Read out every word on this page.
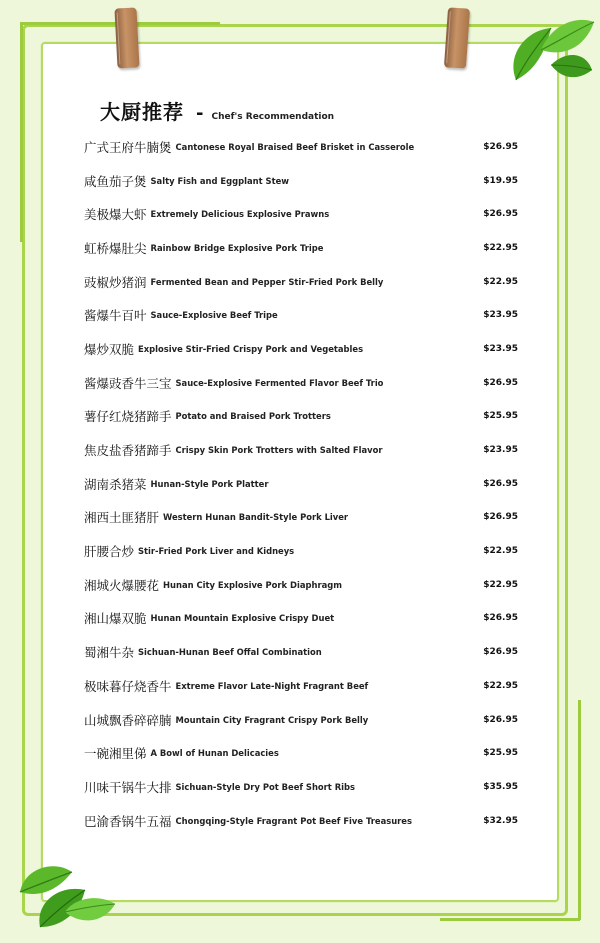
大厨推荐 - Chef's Recommendation
广式王府牛腩煲 Cantonese Royal Braised Beef Brisket in Casserole	$26.95
咸鱼茄子煲 Salty Fish and Eggplant Stew	$19.95
美极爆大虾 Extremely Delicious Explosive Prawns	$26.95
虹桥爆肚尖 Rainbow Bridge Explosive Pork Tripe	$22.95
豉椒炒猪润 Fermented Bean and Pepper Stir-Fried Pork Belly	$22.95
酱爆牛百叶 Sauce-Explosive Beef Tripe	$23.95
爆炒双脆 Explosive Stir-Fried Crispy Pork and Vegetables	$23.95
酱爆豉香牛三宝 Sauce-Explosive Fermented Flavor Beef Trio	$26.95
薯仔红烧猪蹄手 Potato and Braised Pork Trotters	$25.95
焦皮盐香猪蹄手 Crispy Skin Pork Trotters with Salted Flavor	$23.95
湖南杀猪菜 Hunan-Style Pork Platter	$26.95
湘西土匪猪肝 Western Hunan Bandit-Style Pork Liver	$26.95
肝腰合炒 Stir-Fried Pork Liver and Kidneys	$22.95
湘城火爆腰花 Hunan City Explosive Pork Diaphragm	$22.95
湘山爆双脆 Hunan Mountain Explosive Crispy Duet	$26.95
蜀湘牛杂 Sichuan-Hunan Beef Offal Combination	$26.95
极味暮仔烧香牛 Extreme Flavor Late-Night Fragrant Beef	$22.95
山城飘香碎碎腩 Mountain City Fragrant Crispy Pork Belly	$26.95
一碗湘里俤 A Bowl of Hunan Delicacies	$25.95
川味干锅牛大排 Sichuan-Style Dry Pot Beef Short Ribs	$35.95
巴渝香锅牛五福 Chongqing-Style Fragrant Pot Beef Five Treasures	$32.95
